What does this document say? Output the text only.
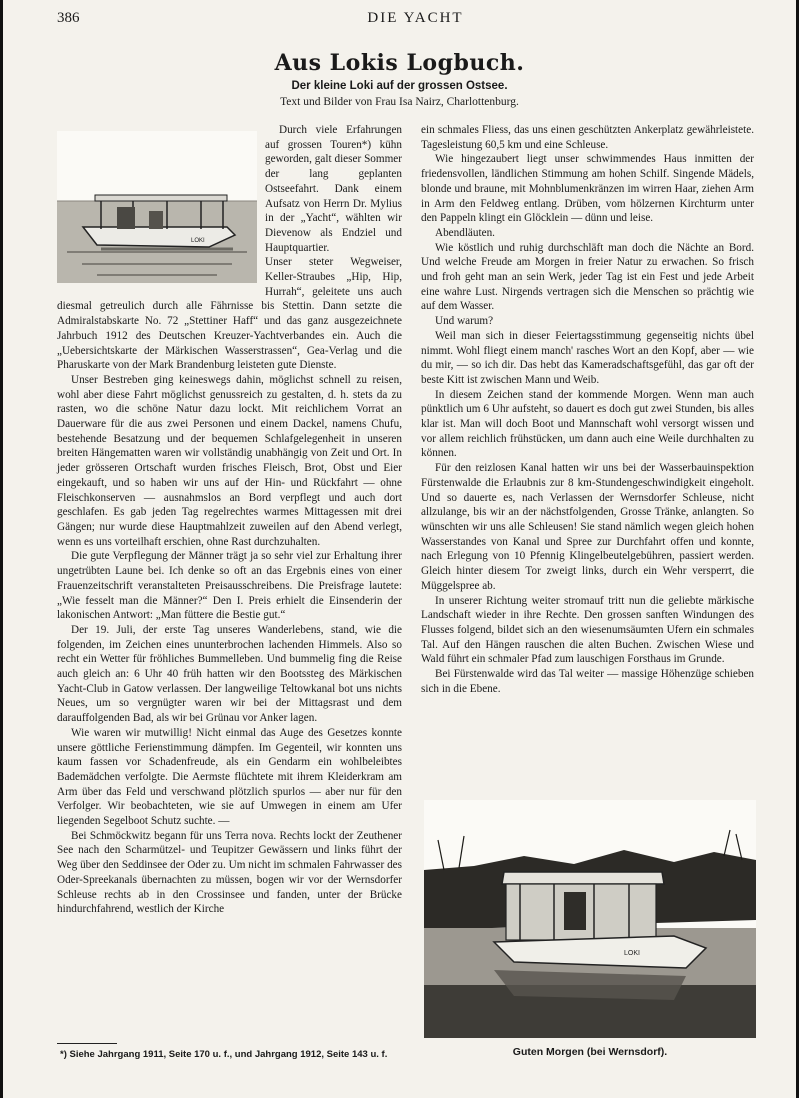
386	DIE YACHT
Aus Lokis Logbuch.
Der kleine Loki auf der grossen Ostsee.
Text und Bilder von Frau Isa Nairz, Charlottenburg.
LOKI

Durch viele Erfahrungen auf grossen Touren*) kühn geworden, galt dieser Sommer der lang geplanten Ostseefahrt. Dank einem Aufsatz von Herrn Dr. Mylius in der „Yacht“, wählten wir Dievenow als Endziel und Hauptquartier.

Unser steter Wegweiser, Keller-Straubes „Hip, Hip, Hurrah“, geleitete uns auch diesmal getreulich durch alle Fährnisse bis Stettin. Dann setzte die Admiralstabskarte No. 72 „Stettiner Haff“ und das ganz ausgezeichnete Jahrbuch 1912 des Deutschen Kreuzer-Yachtverbandes ein. Auch die „Uebersichtskarte der Märkischen Wasserstrassen“, Gea-Verlag und die Pharuskarte von der Mark Brandenburg leisteten gute Dienste.

Unser Bestreben ging keineswegs dahin, möglichst schnell zu reisen, wohl aber diese Fahrt möglichst genussreich zu gestalten, d. h. stets da zu rasten, wo die schöne Natur dazu lockt. Mit reichlichem Vorrat an Dauerware für die aus zwei Personen und einem Dackel, namens Chufu, bestehende Besatzung und der bequemen Schlafgelegenheit in unseren breiten Hängematten waren wir vollständig unabhängig von Zeit und Ort. In jeder grösseren Ortschaft wurden frisches Fleisch, Brot, Obst und Eier eingekauft, und so haben wir uns auf der Hin- und Rückfahrt — ohne Fleischkonserven — ausnahmslos an Bord verpflegt und auch dort geschlafen. Es gab jeden Tag regelrechtes warmes Mittagessen mit drei Gängen; nur wurde diese Hauptmahlzeit zuweilen auf den Abend verlegt, wenn es uns vorteilhaft erschien, ohne Rast durchzuhalten.

Die gute Verpflegung der Männer trägt ja so sehr viel zur Erhaltung ihrer ungetrübten Laune bei. Ich denke so oft an das Ergebnis eines von einer Frauenzeitschrift veranstalteten Preisausschreibens. Die Preisfrage lautete: „Wie fesselt man die Männer?“ Den I. Preis erhielt die Einsenderin der lakonischen Antwort: „Man füttere die Bestie gut.“

Der 19. Juli, der erste Tag unseres Wanderlebens, stand, wie die folgenden, im Zeichen eines ununterbrochen lachenden Himmels. Also so recht ein Wetter für fröhliches Bummelleben. Und bummelig fing die Reise auch gleich an: 6 Uhr 40 früh hatten wir den Bootssteg des Märkischen Yacht-Club in Gatow verlassen. Der langweilige Teltowkanal bot uns nichts Neues, um so vergnügter waren wir bei der Mittagsrast und dem darauffolgenden Bad, als wir bei Grünau vor Anker lagen.

Wie waren wir mutwillig! Nicht einmal das Auge des Gesetzes konnte unsere göttliche Ferienstimmung dämpfen. Im Gegenteil, wir konnten uns kaum fassen vor Schadenfreude, als ein Gendarm ein wohlbeleibtes Bademädchen verfolgte. Die Aermste flüchtete mit ihrem Kleiderkram am Arm über das Feld und verschwand plötzlich spurlos — aber nur für den Verfolger. Wir beobachteten, wie sie auf Umwegen in einem am Ufer liegenden Segelboot Schutz suchte. —

Bei Schmöckwitz begann für uns Terra nova. Rechts lockt der Zeuthener See nach den Scharmützel- und Teupitzer Gewässern und links führt der Weg über den Seddinsee der Oder zu. Um nicht im schmalen Fahrwasser des Oder-Spreekanals übernachten zu müssen, bogen wir vor der Wernsdorfer Schleuse rechts ab in den Crossinsee und fanden, unter der Brücke hindurchfahrend, westlich der Kirche

ein schmales Fliess, das uns einen geschützten Ankerplatz gewährleistete. Tagesleistung 60,5 km und eine Schleuse.

Wie hingezaubert liegt unser schwimmendes Haus inmitten der friedensvollen, ländlichen Stimmung am hohen Schilf. Singende Mädels, blonde und braune, mit Mohnblumenkränzen im wirren Haar, ziehen Arm in Arm den Feldweg entlang. Drüben, vom hölzernen Kirchturm unter den Pappeln klingt ein Glöcklein — dünn und leise.

Abendläuten.

Wie köstlich und ruhig durchschläft man doch die Nächte an Bord. Und welche Freude am Morgen in freier Natur zu erwachen. So frisch und froh geht man an sein Werk, jeder Tag ist ein Fest und jede Arbeit eine wahre Lust. Nirgends vertragen sich die Menschen so prächtig wie auf dem Wasser.

Und warum?

Weil man sich in dieser Feiertagsstimmung gegenseitig nichts übel nimmt. Wohl fliegt einem manch' rasches Wort an den Kopf, aber — wie du mir, — so ich dir. Das hebt das Kameradschaftsgefühl, das gar oft der beste Kitt ist zwischen Mann und Weib.

In diesem Zeichen stand der kommende Morgen. Wenn man auch pünktlich um 6 Uhr aufsteht, so dauert es doch gut zwei Stunden, bis alles klar ist. Man will doch Boot und Mannschaft wohl versorgt wissen und vor allem reichlich frühstücken, um dann auch eine Weile durchhalten zu können.

Für den reizlosen Kanal hatten wir uns bei der Wasserbauinspektion Fürstenwalde die Erlaubnis zur 8 km-Stundengeschwindigkeit eingeholt. Und so dauerte es, nach Verlassen der Wernsdorfer Schleuse, nicht allzulange, bis wir an der nächstfolgenden, Grosse Tränke, anlangten. So wünschten wir uns alle Schleusen! Sie stand nämlich wegen gleich hohen Wasserstandes von Kanal und Spree zur Durchfahrt offen und konnte, nach Erlegung von 10 Pfennig Klingelbeutelgebühren, passiert werden. Gleich hinter diesem Tor zweigt links, durch ein Wehr versperrt, die Müggelspree ab.

In unserer Richtung weiter stromauf tritt nun die geliebte märkische Landschaft wieder in ihre Rechte. Den grossen sanften Windungen des Flusses folgend, bildet sich an den wiesenumsäumten Ufern ein schmales Tal. Auf den Hängen rauschen die alten Buchen. Zwischen Wiese und Wald führt ein schmaler Pfad zum lauschigen Forsthaus im Grunde.

Bei Fürstenwalde wird das Tal weiter — massige Höhenzüge schieben sich in die Ebene.

LOKI
Guten Morgen (bei Wernsdorf).
*) Siehe Jahrgang 1911, Seite 170 u. f., und Jahrgang 1912, Seite 143 u. f.
